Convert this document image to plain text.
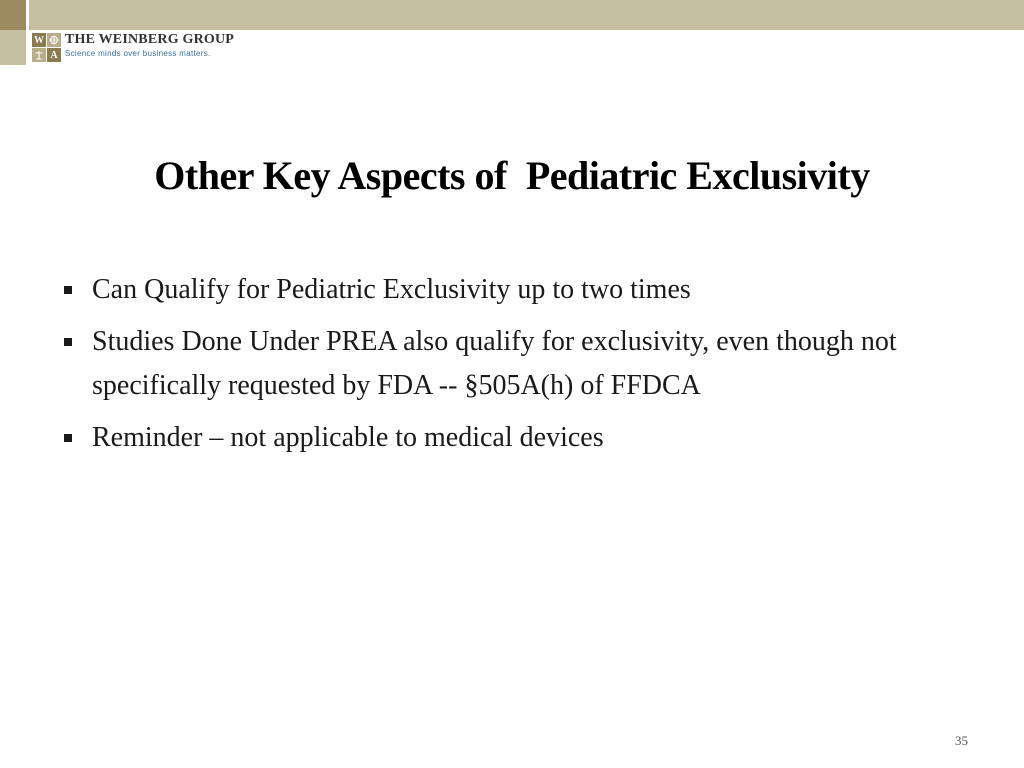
W
A
THE WEINBERG GROUP
Science minds over business matters.
Other Key Aspects of  Pediatric Exclusivity
Can Qualify for Pediatric Exclusivity up to two times
Studies Done Under PREA also qualify for exclusivity, even though not specifically requested by FDA -- §505A(h) of FFDCA
Reminder – not applicable to medical devices
35
